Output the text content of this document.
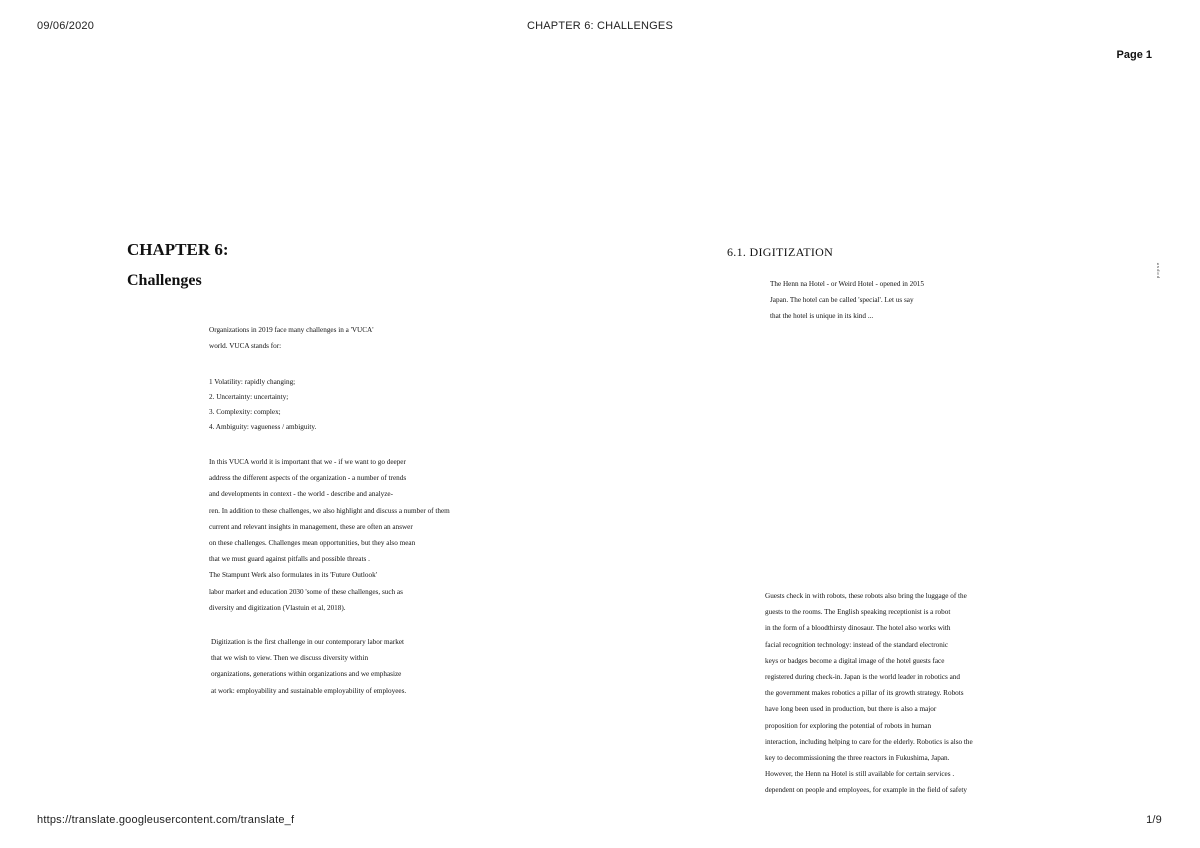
09/06/2020	CHAPTER 6: CHALLENGES
Page 1
CHAPTER 6:
Challenges

Organizations in 2019 face many challenges in a 'VUCA'

world. VUCA stands for:

1 Volatility: rapidly changing;

2. Uncertainty: uncertainty;

3. Complexity: complex;

4. Ambiguity: vagueness / ambiguity.

In this VUCA world it is important that we - if we want to go deeper

address the different aspects of the organization - a number of trends

and developments in context - the world - describe and analyze-

ren. In addition to these challenges, we also highlight and discuss a number of them

current and relevant insights in management, these are often an answer

on these challenges. Challenges mean opportunities, but they also mean

that we must guard against pitfalls and possible threats .

The Stampunt Werk also formulates in its 'Future Outlook'

labor market and education 2030 'some of these challenges, such as

diversity and digitization (Vlastuin et al, 2018).

Digitization is the first challenge in our contemporary labor market

that we wish to view. Then we discuss diversity within

organizations, generations within organizations and we emphasize

at work: employability and sustainable employability of employees.

6.1. DIGITIZATION
p o p s e

The Henn na Hotel - or Weird Hotel - opened in 2015

Japan. The hotel can be called 'special'. Let us say

that the hotel is unique in its kind ...

Guests check in with robots, these robots also bring the luggage of the

guests to the rooms. The English speaking receptionist is a robot

in the form of a bloodthirsty dinosaur. The hotel also works with

facial recognition technology: instead of the standard electronic

keys or badges become a digital image of the hotel guests face

registered during check-in. Japan is the world leader in robotics and

the government makes robotics a pillar of its growth strategy. Robots

have long been used in production, but there is also a major

proposition for exploring the potential of robots in human

interaction, including helping to care for the elderly. Robotics is also the

key to decommissioning the three reactors in Fukushima, Japan.

However, the Henn na Hotel is still available for certain services .

dependent on people and employees, for example in the field of safety

https://translate.googleusercontent.com/translate_f	1/9
